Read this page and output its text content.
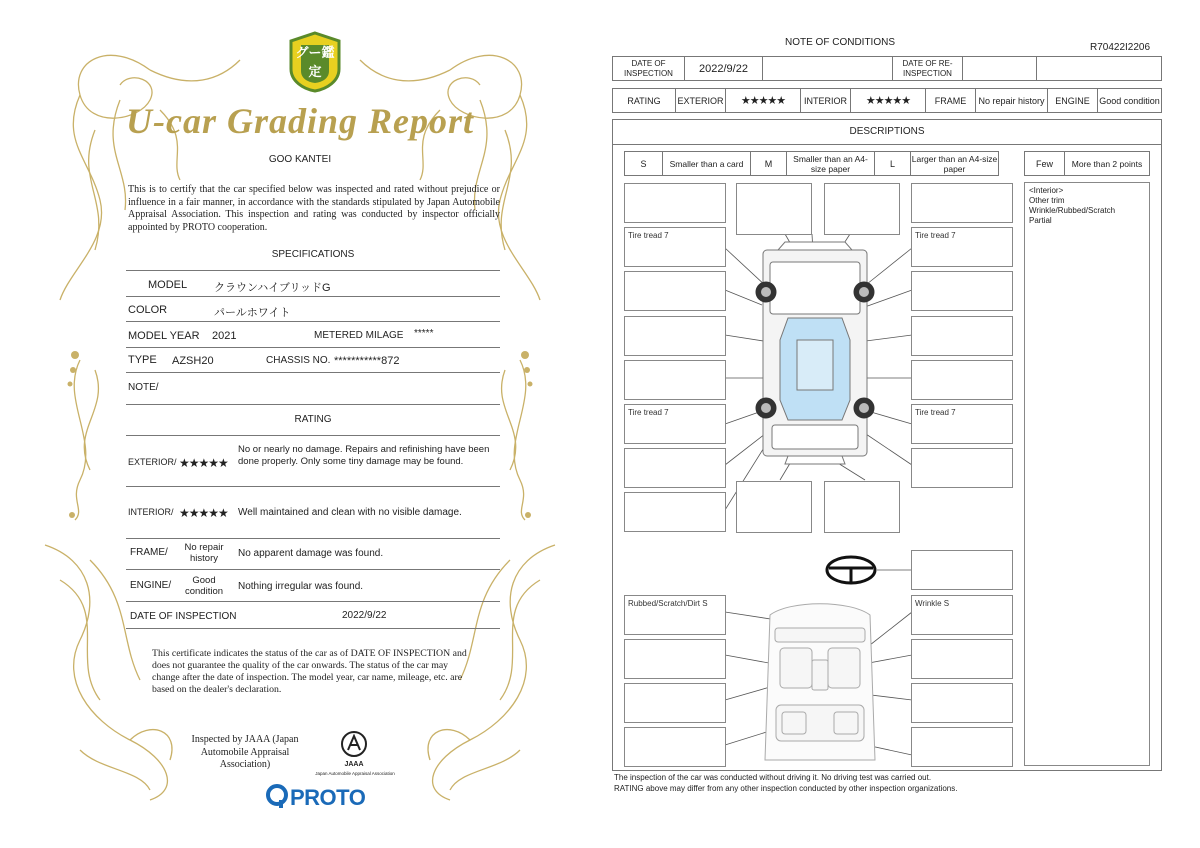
グー鑑定
U-car Grading Report
GOO KANTEI
This is to certify that the car specified below was inspected and rated without prejudice or influence in a fair manner, in accordance with the standards stipulated by Japan Automobile Appraisal Association. This inspection and rating was conducted by inspector officially appointed by PROTO cooperation.
SPECIFICATIONS
MODEL クラウンハイブリッドG
COLOR	パールホワイト
MODEL YEAR 2021	METERED MILAGE *****
TYPE AZSH20	CHASSIS NO. ***********872
NOTE/
RATING
EXTERIOR/ ★★★★★
No or nearly no damage. Repairs and refinishing have been done properly. Only some tiny damage may be found.
INTERIOR/ ★★★★★ Well maintained and clean with no visible damage.
FRAME/	No repair history	No apparent damage was found.
ENGINE/	Good condition	Nothing irregular was found.
DATE OF INSPECTION	2022/9/22
This certificate indicates the status of the car as of DATE OF INSPECTION and does not guarantee the quality of the car onwards. The status of the car may change after the date of inspection. The model year, car name, mileage, etc. are based on the dealer's declaration.
Inspected by JAAA (Japan Automobile Appraisal Association)	JAAA
Japan Automobile Appraisal Association
PROTO
NOTE OF CONDITIONS	R70422I2206
DATE OF INSPECTION	2022/9/22	DATE OF RE-INSPECTION
RATING	EXTERIOR	★★★★★	INTERIOR	★★★★★	FRAME	No repair history	ENGINE	Good condition
DESCRIPTIONS
S	Smaller than a card	M	Smaller than an A4-size paper	L	Larger than an A4-size paper	Few	More than 2 points
<Interior>
Other trim
Wrinkle/Rubbed/Scratch
Partial
Tire tread 7
Tire tread 7
Tire tread 7
Tire tread 7
Rubbed/Scratch/Dirt S	Wrinkle S
The inspection of the car was conducted without driving it. No driving test was carried out.
RATING above may differ from any other inspection conducted by other inspection organizations.
